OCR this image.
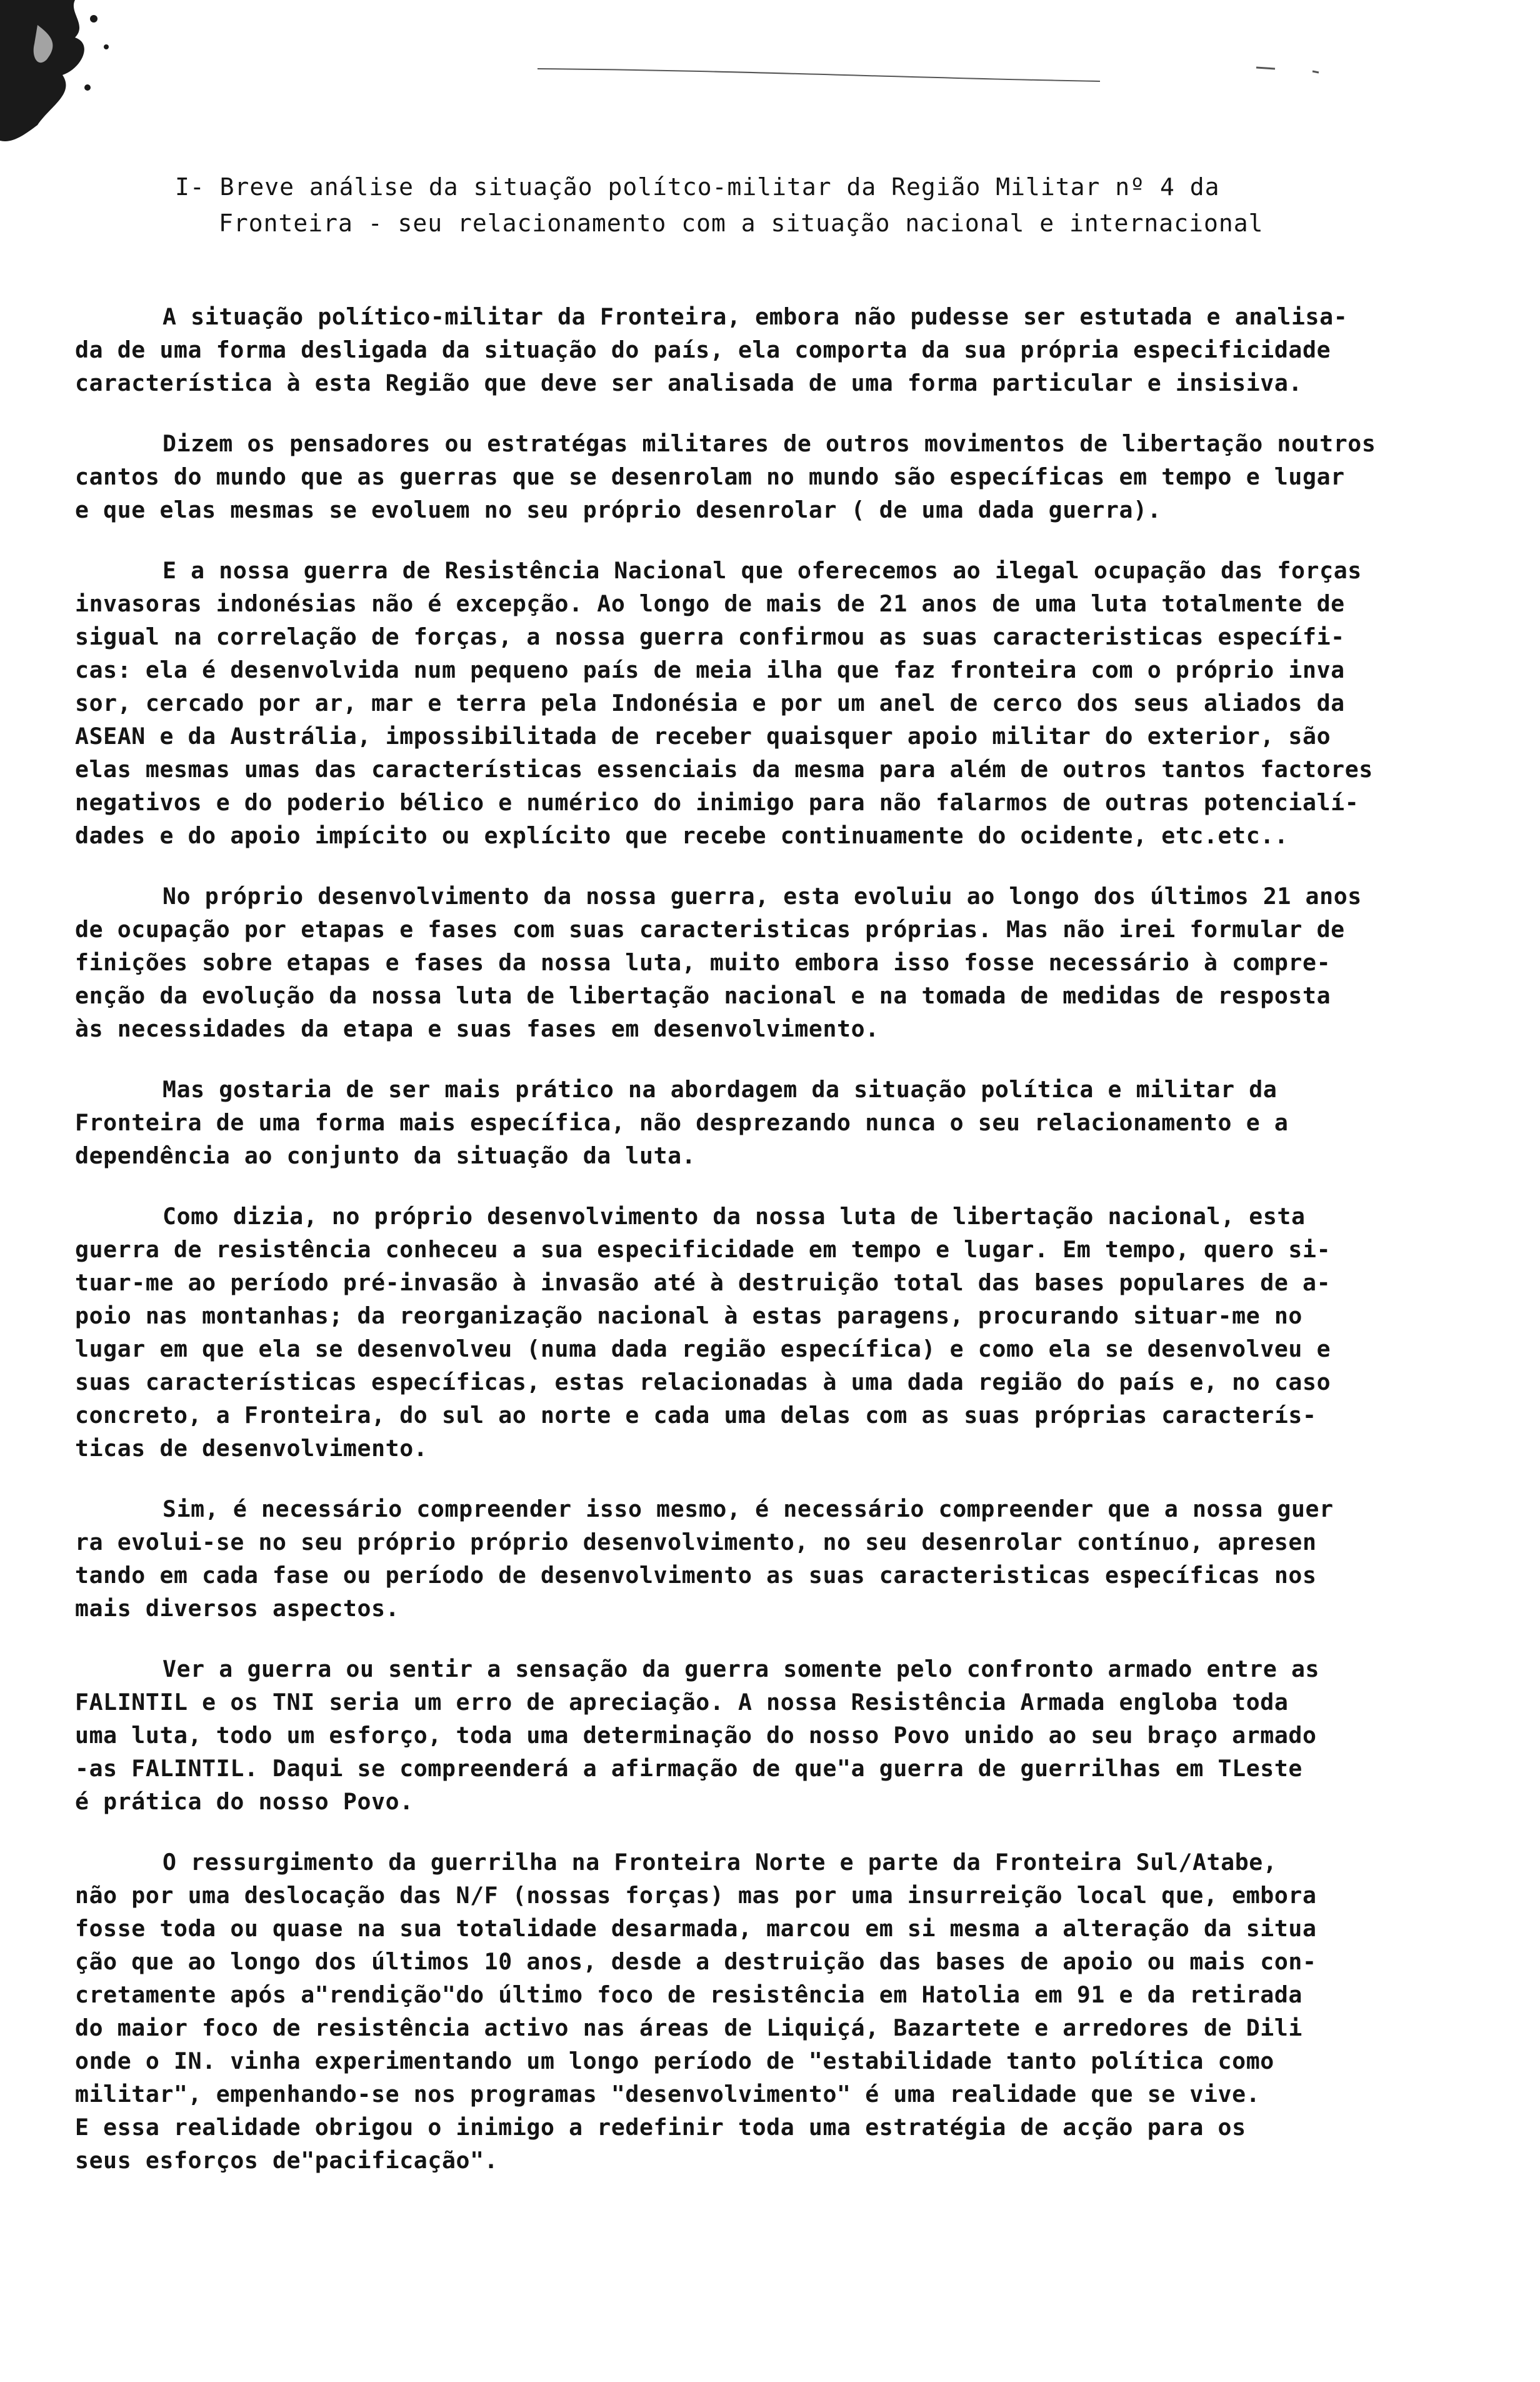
I- Breve análise da situação polítco-militar da Região Militar nº 4 da
Fronteira - seu relacionamento com a situação nacional e internacional
A situação político-militar da Fronteira, embora não pudesse ser estutada e analisa-
da de uma forma desligada da situação do país, ela comporta da sua própria especificidade
característica à esta Região que deve ser analisada de uma forma particular e insisiva.
Dizem os pensadores ou estratégas militares de outros movimentos de libertação noutros
cantos do mundo que as guerras que se desenrolam no mundo são específicas em tempo e lugar
e que elas mesmas se evoluem no seu próprio desenrolar ( de uma dada guerra).
E a nossa guerra de Resistência Nacional que oferecemos ao ilegal ocupação das forças
invasoras indonésias não é excepção. Ao longo de mais de 21 anos de uma luta totalmente de
sigual na correlação de forças, a nossa guerra confirmou as suas caracteristicas específi-
cas: ela é desenvolvida num pequeno país de meia ilha que faz fronteira com o próprio inva
sor, cercado por ar, mar e terra pela Indonésia e por um anel de cerco dos seus aliados da
ASEAN e da Austrália, impossibilitada de receber quaisquer apoio militar do exterior, são
elas mesmas umas das características essenciais da mesma para além de outros tantos factores
negativos e do poderio bélico e numérico do inimigo para não falarmos de outras potencialí-
dades e do apoio impícito ou explícito que recebe continuamente do ocidente, etc.etc..
No próprio desenvolvimento da nossa guerra, esta evoluiu ao longo dos últimos 21 anos
de ocupação por etapas e fases com suas caracteristicas próprias. Mas não irei formular de
finições sobre etapas e fases da nossa luta, muito embora isso fosse necessário à compre-
enção da evolução da nossa luta de libertação nacional e na tomada de medidas de resposta
às necessidades da etapa e suas fases em desenvolvimento.
Mas gostaria de ser mais prático na abordagem da situação política e militar da
Fronteira de uma forma mais específica, não desprezando nunca o seu relacionamento e a
dependência ao conjunto da situação da luta.
Como dizia, no próprio desenvolvimento da nossa luta de libertação nacional, esta
guerra de resistência conheceu a sua especificidade em tempo e lugar. Em tempo, quero si-
tuar-me ao período pré-invasão à invasão até à destruição total das bases populares de a-
poio nas montanhas; da reorganização nacional à estas paragens, procurando situar-me no
lugar em que ela se desenvolveu (numa dada região específica) e como ela se desenvolveu e
suas características específicas, estas relacionadas à uma dada região do país e, no caso
concreto, a Fronteira, do sul ao norte e cada uma delas com as suas próprias caracterís-
ticas de desenvolvimento.
Sim, é necessário compreender isso mesmo, é necessário compreender que a nossa guer
ra evolui-se no seu próprio próprio desenvolvimento, no seu desenrolar contínuo, apresen
tando em cada fase ou período de desenvolvimento as suas caracteristicas específicas nos
mais diversos aspectos.
Ver a guerra ou sentir a sensação da guerra somente pelo confronto armado entre as
FALINTIL e os TNI seria um erro de apreciação. A nossa Resistência Armada engloba toda
uma luta, todo um esforço, toda uma determinação do nosso Povo unido ao seu braço armado
-as FALINTIL. Daqui se compreenderá a afirmação de que"a guerra de guerrilhas em TLeste
é prática do nosso Povo.
O ressurgimento da guerrilha na Fronteira Norte e parte da Fronteira Sul/Atabe,
não por uma deslocação das N/F (nossas forças) mas por uma insurreição local que, embora
fosse toda ou quase na sua totalidade desarmada, marcou em si mesma a alteração da situa
ção que ao longo dos últimos 10 anos, desde a destruição das bases de apoio ou mais con-
cretamente após a"rendição"do último foco de resistência em Hatolia em 91 e da retirada
do maior foco de resistência activo nas áreas de Liquiçá, Bazartete e arredores de Dili
onde o IN. vinha experimentando um longo período de "estabilidade tanto política como
militar", empenhando-se nos programas "desenvolvimento" é uma realidade que se vive.
E essa realidade obrigou o inimigo a redefinir toda uma estratégia de acção para os
seus esforços de"pacificação".
